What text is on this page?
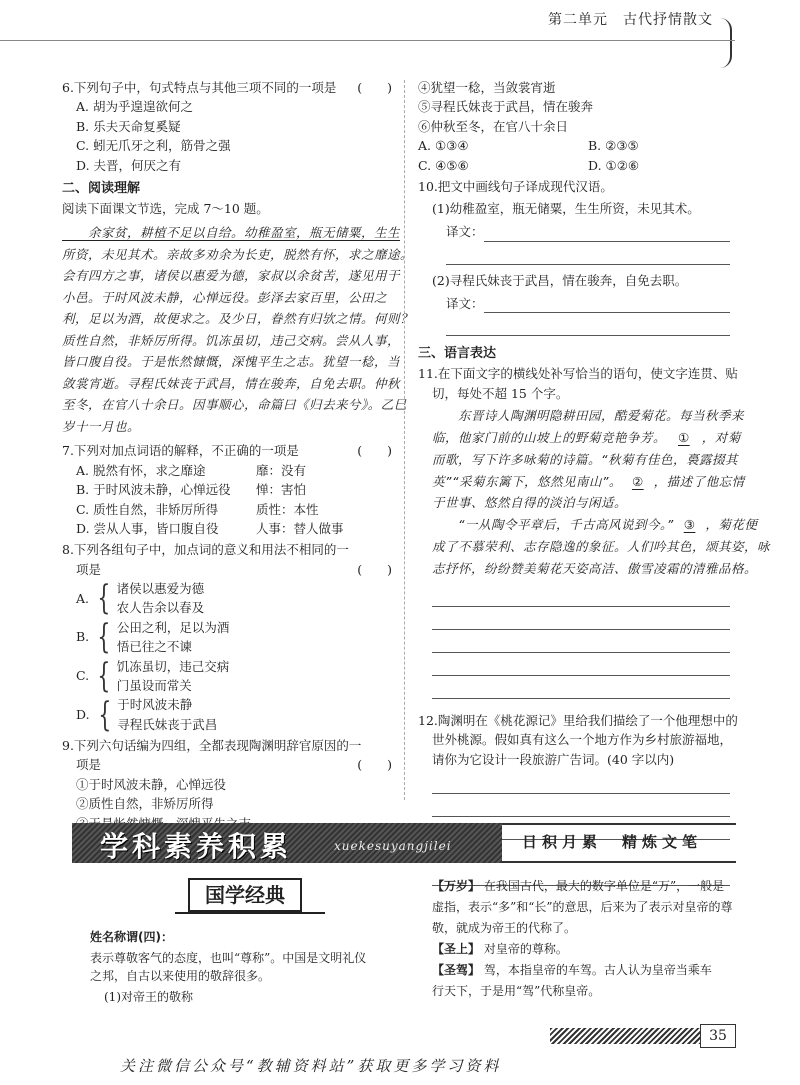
第二单元　古代抒情散文
6.下列句子中，句式特点与其他三项不同的一项是 (　　)
A. 胡为乎遑遑欲何之
B. 乐夫天命复奚疑
C. 蚓无爪牙之利，筋骨之强
D. 夫晋，何厌之有
二、阅读理解
阅读下面课文节选，完成 7～10 题。
　　余家贫，耕植不足以自给。幼稚盈室，瓶无储粟，生生
所资，未见其术。亲故多劝余为长吏，脱然有怀，求之靡途。
会有四方之事，诸侯以惠爱为德，家叔以余贫苦，遂见用于
小邑。于时风波未静，心惮远役。彭泽去家百里，公田之
利，足以为酒，故便求之。及少日，眷然有归欤之情。何则？
质性自然，非矫厉所得。饥冻虽切，违己交病。尝从人事，
皆口腹自役。于是怅然慷慨，深愧平生之志。犹望一稔，当
敛裳宵逝。寻程氏妹丧于武昌，情在骏奔，自免去职。仲秋
至冬，在官八十余日。因事顺心，命篇曰《归去来兮》。乙巳
岁十一月也。
7.下列对加点词语的解释，不正确的一项是	(　　)
A. 脱然有怀，求之靡途	靡：没有
B. 于时风波未静，心惮远役	惮：害怕
C. 质性自然，非矫厉所得	质性：本性
D. 尝从人事，皆口腹自役	人事：替人做事
8.下列各组句子中，加点词的意义和用法不相同的一
项是	(　　)
A. { 诸侯以惠爱为德
农人告余以春及
B. { 公田之利，足以为酒
悟已往之不谏
C. { 饥冻虽切，违己交病
门虽设而常关
D. { 于时风波未静
寻程氏妹丧于武昌
9.下列六句话编为四组，全都表现陶渊明辞官原因的一
项是	(　　)
①于时风波未静，心惮远役
②质性自然，非矫厉所得
④犹望一稔，当敛裳宵逝
⑤寻程氏妹丧于武昌，情在骏奔
⑥仲秋至冬，在官八十余日
A. ①③④	B. ②③⑤
C. ④⑤⑥	D. ①②⑥
10.把文中画线句子译成现代汉语。
(1)幼稚盈室，瓶无储粟，生生所资，未见其术。
译文：
(2)寻程氏妹丧于武昌，情在骏奔，自免去职。
译文：
三、语言表达
11.在下面文字的横线处补写恰当的语句，使文字连贯、贴
切，每处不超 15 个字。
　　东晋诗人陶渊明隐耕田园，酷爱菊花。每当秋季来
临，他家门前的山坡上的野菊竞艳争芳。 ① ，对菊
而歌，写下许多咏菊的诗篇。“秋菊有佳色，裛露掇其
英”“采菊东篱下，悠然见南山”。 ② ，描述了他忘情
于世事、悠然自得的淡泊与闲适。
　　“一从陶令平章后，千古高风说到今。” ③ ，菊花便
成了不慕荣利、志存隐逸的象征。人们吟其色，颂其姿，咏
志抒怀，纷纷赞美菊花天姿高洁、傲雪凌霜的清雅品格。
12.陶渊明在《桃花源记》里给我们描绘了一个他理想中的
世外桃源。假如真有这么一个地方作为乡村旅游福地，
请你为它设计一段旅游广告词。(40 字以内)
学科素养积累	xuekesuyangjilei	日积月累　精炼文笔
国学经典
姓名称谓(四)：
表示尊敬客气的态度，也叫“尊称”。中国是文明礼仪
之邦，自古以来使用的敬辞很多。
(1)对帝王的敬称
【万岁】 在我国古代，最大的数字单位是“万”，一般是
虚指，表示“多”和“长”的意思，后来为了表示对皇帝的尊
敬，就成为帝王的代称了。
【圣上】 对皇帝的尊称。
【圣驾】 驾，本指皇帝的车驾。古人认为皇帝当乘车
行天下，于是用“驾”代称皇帝。
35
关注微信公众号“教辅资料站”获取更多学习资料
